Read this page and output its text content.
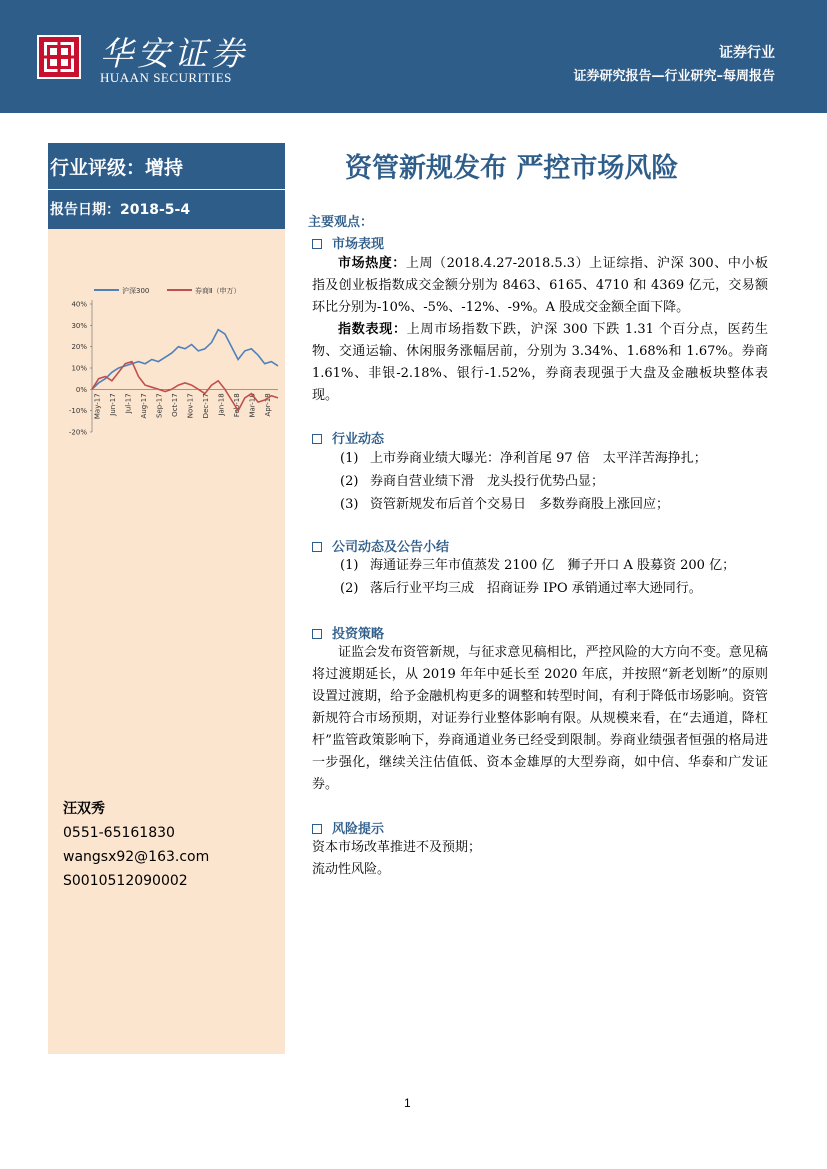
华安证券
HUAAN SECURITIES
证券行业
证券研究报告—行业研究–每周报告
行业评级：增持
报告日期：2018-5-4
沪深300	券商Ⅱ（申万）
40%
30%
20%
10%
0%
-10%
-20%
May-17 Jun-17 Jul-17 Aug-17 Sep-17 Oct-17 Nov-17 Dec-17 Jan-18 Feb-18 Mar-18 Apr-18
汪双秀
0551-65161830
wangsx92@163.com
S0010512090002
资管新规发布 严控市场风险
主要观点：
市场表现
市场热度：上周（2018.4.27-2018.5.3）上证综指、沪深 300、中小板指及创业板指数成交金额分别为 8463、6165、4710 和 4369 亿元，交易额环比分别为-10%、-5%、-12%、-9%。A 股成交金额全面下降。
指数表现：上周市场指数下跌，沪深 300 下跌 1.31 个百分点，医药生物、交通运输、休闲服务涨幅居前，分别为 3.34%、1.68%和 1.67%。券商 1.61%、非银-2.18%、银行-1.52%，券商表现强于大盘及金融板块整体表现。
行业动态
(1) 上市券商业绩大曝光：净利首尾 97 倍　太平洋苦海挣扎；
(2) 券商自营业绩下滑　龙头投行优势凸显；
(3) 资管新规发布后首个交易日　多数券商股上涨回应；
公司动态及公告小结
(1) 海通证券三年市值蒸发 2100 亿　狮子开口 A 股募资 200 亿；
(2) 落后行业平均三成　招商证券 IPO 承销通过率大逊同行。
投资策略
证监会发布资管新规，与征求意见稿相比，严控风险的大方向不变。意见稿将过渡期延长，从 2019 年年中延长至 2020 年底，并按照“新老划断”的原则设置过渡期，给予金融机构更多的调整和转型时间，有利于降低市场影响。资管新规符合市场预期，对证券行业整体影响有限。从规模来看，在“去通道，降杠杆”监管政策影响下，券商通道业务已经受到限制。券商业绩强者恒强的格局进一步强化，继续关注估值低、资本金雄厚的大型券商，如中信、华泰和广发证券。
风险提示
资本市场改革推进不及预期；
流动性风险。
1
